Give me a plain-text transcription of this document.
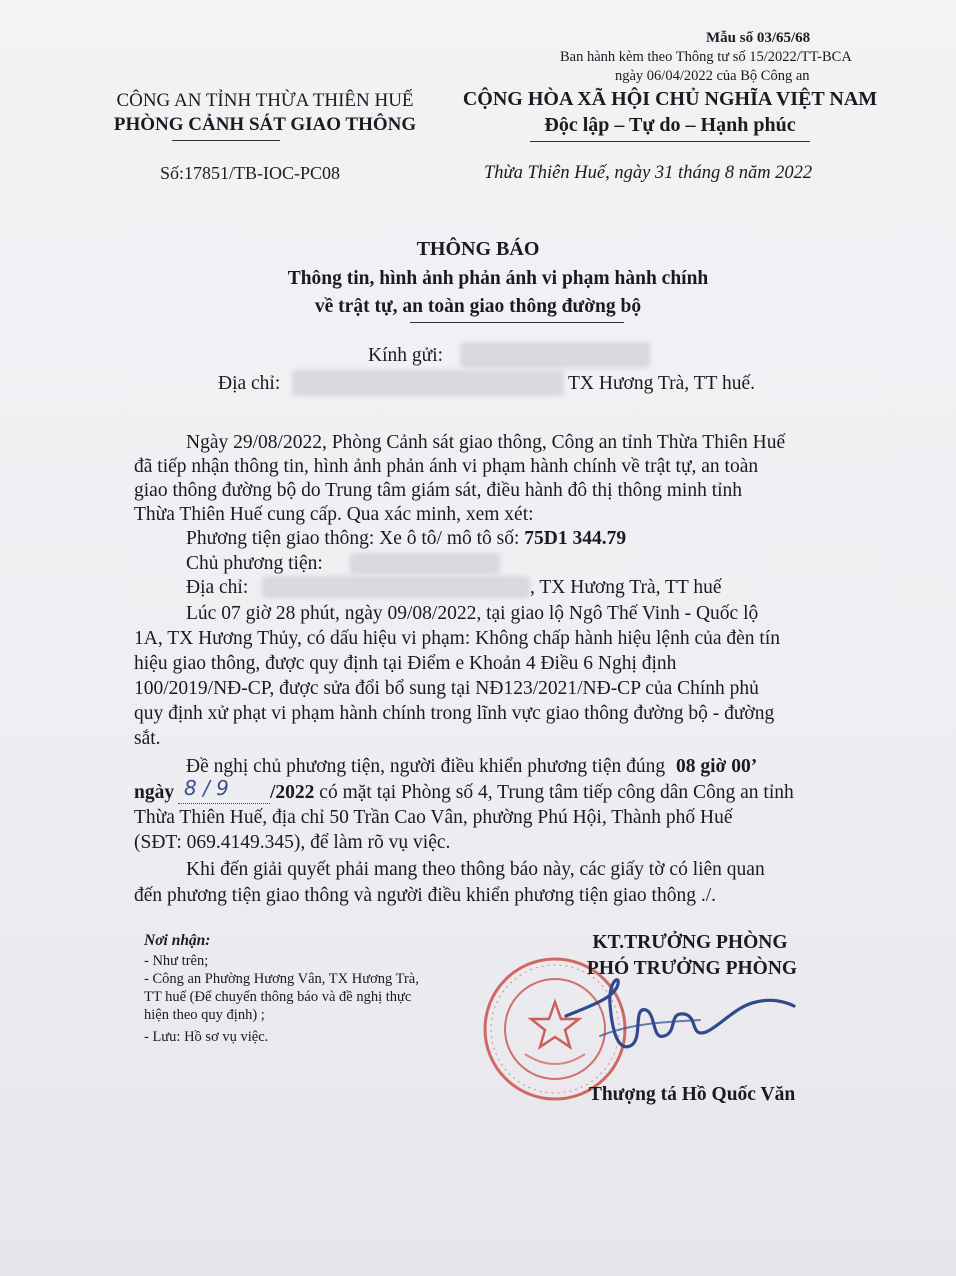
Mẫu số 03/65/68
Ban hành kèm theo Thông tư số 15/2022/TT-BCA
ngày 06/04/2022 của Bộ Công an
CÔNG AN TỈNH THỪA THIÊN HUẾ
PHÒNG CẢNH SÁT GIAO THÔNG
Số:17851/TB-IOC-PC08
CỘNG HÒA XÃ HỘI CHỦ NGHĨA VIỆT NAM
Độc lập – Tự do – Hạnh phúc
Thừa Thiên Huế, ngày 31 tháng 8 năm 2022
THÔNG BÁO
Thông tin, hình ảnh phản ánh vi phạm hành chính
về trật tự, an toàn giao thông đường bộ
Kính gửi:
Địa chỉ:	TX Hương Trà, TT huế.
Ngày 29/08/2022, Phòng Cảnh sát giao thông, Công an tỉnh Thừa Thiên Huế
đã tiếp nhận thông tin, hình ảnh phản ánh vi phạm hành chính về trật tự, an toàn
giao thông đường bộ do Trung tâm giám sát, điều hành đô thị thông minh tỉnh
Thừa Thiên Huế cung cấp. Qua xác minh, xem xét:
Phương tiện giao thông: Xe ô tô/ mô tô số: 75D1 344.79
Chủ phương tiện:
Địa chỉ:	, TX Hương Trà, TT huế
Lúc 07 giờ 28 phút, ngày 09/08/2022, tại giao lộ Ngô Thế Vinh - Quốc lộ
1A, TX Hương Thủy, có dấu hiệu vi phạm: Không chấp hành hiệu lệnh của đèn tín
hiệu giao thông, được quy định tại Điểm e Khoản 4 Điều 6 Nghị định
100/2019/NĐ-CP, được sửa đổi bổ sung tại NĐ123/2021/NĐ-CP của Chính phủ
quy định xử phạt vi phạm hành chính trong lĩnh vực giao thông đường bộ - đường
sắt.
Đề nghị chủ phương tiện, người điều khiển phương tiện đúng 08 giờ 00’
ngày 8 / 9 /2022 có mặt tại Phòng số 4, Trung tâm tiếp công dân Công an tỉnh
Thừa Thiên Huế, địa chỉ 50 Trần Cao Vân, phường Phú Hội, Thành phố Huế
(SĐT: 069.4149.345), để làm rõ vụ việc.
Khi đến giải quyết phải mang theo thông báo này, các giấy tờ có liên quan
đến phương tiện giao thông và người điều khiển phương tiện giao thông ./.
Nơi nhận:
- Như trên;
- Công an Phường Hương Vân, TX Hương Trà,
TT huế (Để chuyển thông báo và đề nghị thực
hiện theo quy định) ;
- Lưu: Hồ sơ vụ việc.
KT.TRƯỞNG PHÒNG
PHÓ TRƯỞNG PHÒNG
Thượng tá Hồ Quốc Văn
